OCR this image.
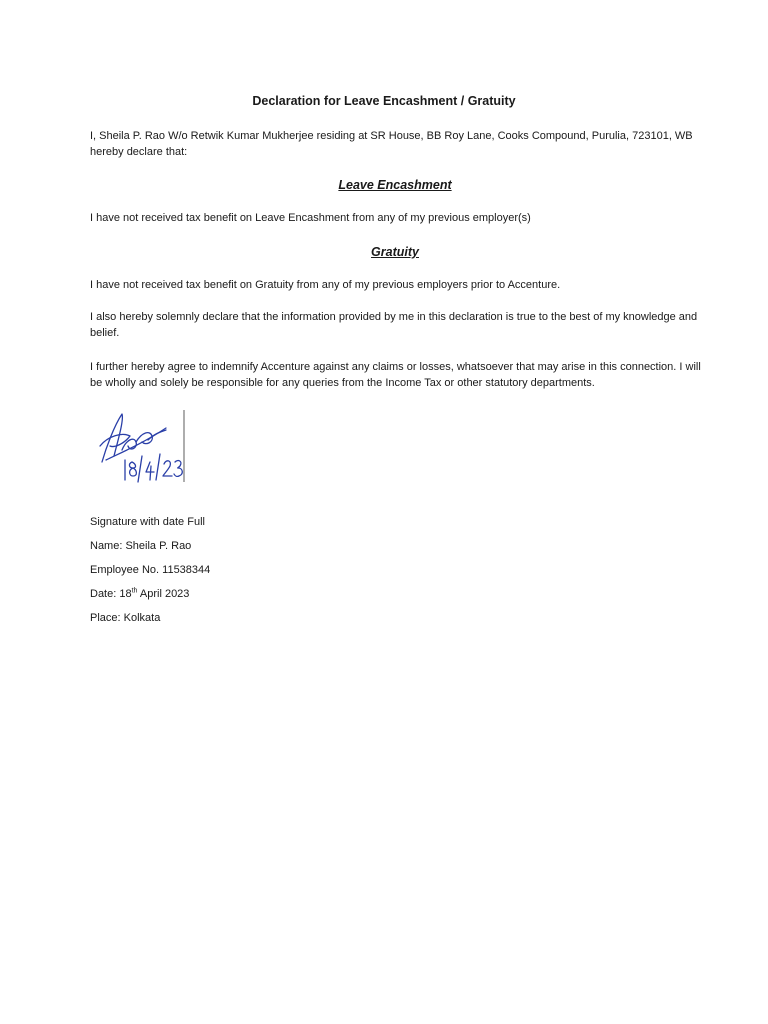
Declaration for Leave Encashment / Gratuity

I, Sheila P. Rao W/o Retwik Kumar Mukherjee residing at SR House, BB Roy Lane, Cooks Compound, Purulia, 723101, WB hereby declare that:

Leave Encashment

I have not received tax benefit on Leave Encashment from any of my previous employer(s)

Gratuity

I have not received tax benefit on Gratuity from any of my previous employers prior to Accenture.

I also hereby solemnly declare that the information provided by me in this declaration is true to the best of my knowledge and belief.

I further hereby agree to indemnify Accenture against any claims or losses, whatsoever that may arise in this connection. I will be wholly and solely be responsible for any queries from the Income Tax or other statutory departments.

Signature with date Full
Name: Sheila P. Rao
Employee No. 11538344
Date: 18th April 2023
Place: Kolkata
